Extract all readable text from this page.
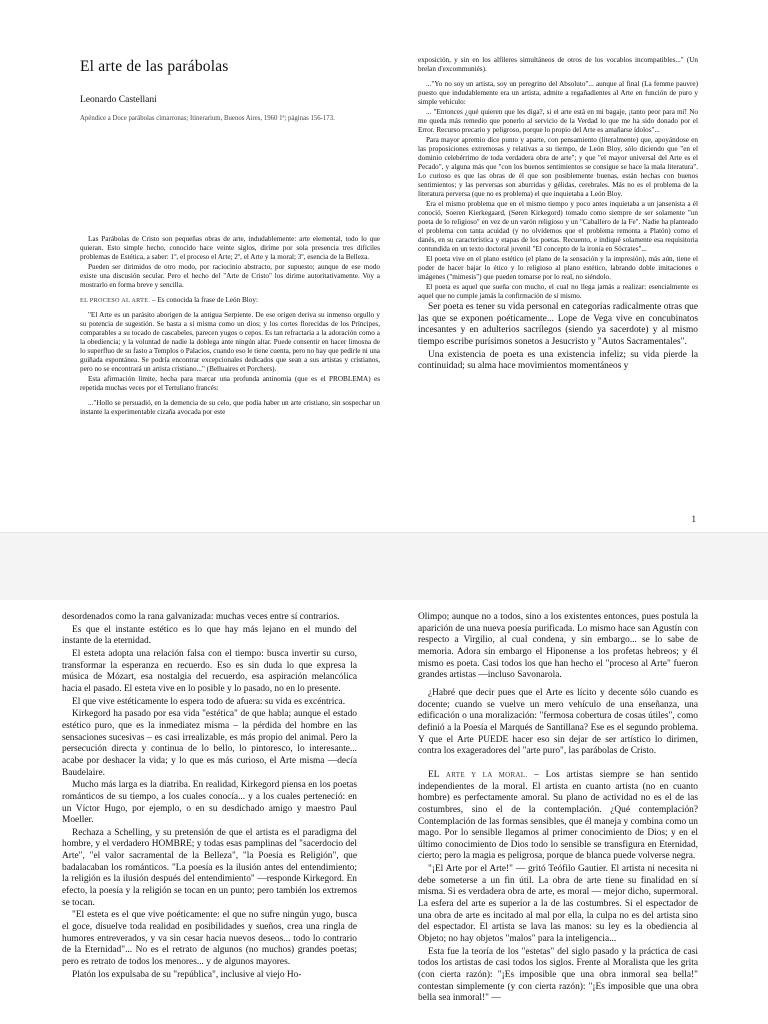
El arte de las parábolas
Leonardo Castellani
Apéndice a Doce parábolas cimarronas; Itinerarium, Buenos Aires, 1960 1ª; páginas 156-173.

Las Parábolas de Cristo son pequeñas obras de arte, indudablemente: arte elemental, todo lo que quieran. Esto simple hecho, conocido hace veinte siglos, dirime por sola presencia tres difíciles problemas de Estética, a saber: 1º, el proceso el Arte; 2º, el Arte y la moral; 3º, esencia de la Belleza.

Pueden ser dirimidos de otro modo, por raciocinio abstracto, por supuesto; aunque de ese modo existe una discusión secular. Pero el hecho del "Arte de Cristo" los dirime autoritativamente. Voy a mostrarlo en forma breve y sencilla.

EL PROCESO AL ARTE. – Es conocida la frase de León Bloy:

"El Arte es un parásito aborigen de la antigua Serpiente. De ese origen deriva su inmenso orgullo y su potencia de sugestión. Se basta a sí misma como un dios; y los cortes florecidas de los Príncipes, comparables a su tocado de cascabeles, parecen yugos o cepos. Es tan refractaria a la adoración como a la obediencia; y la voluntad de nadie la doblega ante ningún altar. Puede consentir en hacer limosna de lo superfluo de su fasto a Templos o Palacios, cuando eso le tiene cuenta, pero no hay que pedirle ni una guiñada espontánea. Se podría encontrar excepcionales dedicados que sean a sus artistas y cristianos, pero no se encontrará un artista cristiano..." (Belluaires et Porchers).

Esta afirmación límite, hecha para marcar una profunda antinomia (que es el PROBLEMA) es repetida muchas veces por el Tertuliano francés:

..."Hollo se persuadió, en la demencia de su celo, que podía haber un arte cristiano, sin sospechar un instante la experimentable cizaña avocada por este

exposición, y sin en los alfileres simultáneos de otros de los vocablos incompatibles..." (Un brelan d'excommuniés).

..."Yo no soy un artista, soy un peregrino del Absoluto"... aunque al final (La femme pauvre) puesto que indudablemente era un artista, admite a regañadientes al Arte en función de puro y simple vehículo:

... "Entonces ¿qué quieren que les diga?, si el arte está en mi bagaje, ¡tanto peor para mí! No me queda más remedio que ponerlo al servicio de la Verdad lo que me ha sido donado por el Error. Recurso precario y peligroso, porque lo propio del Arte es amañarse ídolos"...

Para mayor apremio dice punto y aparte, con pensamiento (literalmente) que, apoyándose en las proposiciones extremosas y relativas a su tiempo, de León Bloy, sólo diciendo que "en el dominio celebérrimo de toda verdadera obra de arte"; y que "el mayor universal del Arte es el Pecado", y alguna más que "con los buenos sentimientos se consigue se hace la mala literatura". Lo curioso es que las obras de él que son posiblemente buenas, están hechas con buenos sentimientos; y las perversas son aburridas y gélidas, cerebrales. Más no es el problema de la literatura perversa (que no es problema) el que inquietaba a León Bloy.

Era el mismo problema que en el mismo tiempo y poco antes inquietaba a un jansenista a él conoció, Soeren Kierkegaard, (Søren Kirkegord) tomado como siempre de ser solamente "un poeta de lo religioso" en vez de un varón religioso y un "Caballero de la Fe". Nadie ha planteado el problema con tanta acuidad (y no olvidemos que el problema remonta a Platón) como el danés, en su característica y etapas de los poetas. Recuento, e indiqué solamente esa requisitoria contundida en un texto doctoral juvenil "El concepto de la ironía en Sócrates"...

El poeta vive en el plano estético (el plano de la sensación y la impresión), más aún, tiene el poder de hacer bajar lo ético y lo religioso al plano estético, labrando doble imitaciones e imágenes ("mimesis") que pueden tomarse por lo real, no siéndolo.

El poeta es aquel que sueña con mucho, el cual no llega jamás a realizar: esencialmente es aquel que no cumple jamás la confirmación de sí mismo.

Ser poeta es tener su vida personal en categorías radicalmente otras que las que se exponen poéticamente... Lope de Vega vive en concubinatos incesantes y en adulterios sacrílegos (siendo ya sacerdote) y al mismo tiempo escribe purísimos sonetos a Jesucristo y "Autos Sacramentales".

Una existencia de poeta es una existencia infeliz; su vida pierde la continuidad; su alma hace movimientos momentáneos y

1

desordenados como la rana galvanizada: muchas veces entre sí contrarios.

Es que el instante estético es lo que hay más lejano en el mundo del instante de la eternidad.

El esteta adopta una relación falsa con el tiempo: busca invertir su curso, transformar la esperanza en recuerdo. Eso es sin duda lo que expresa la música de Mózart, esa nostalgia del recuerdo, esa aspiración melancólica hacia el pasado. El esteta vive en lo posible y lo pasado, no en lo presente.

El que vive estéticamente lo espera todo de afuera: su vida es excéntrica.

Kirkegord ha pasado por esa vida "estética" de que habla; aunque el estado estético puro, que es la inmediatez misma – la pérdida del hombre en las sensaciones sucesivas – es casi irrealizable, es más propio del animal. Pero la persecución directa y continua de lo bello, lo pintoresco, lo interesante... acabe por deshacer la vida; y lo que es más curioso, el Arte misma —decía Baudelaire.

Mucho más larga es la diatriba. En realidad, Kirkegord piensa en los poetas románticos de su tiempo, a los cuales conocía... y a los cuales perteneció: en un Víctor Hugo, por ejemplo, o en su desdichado amigo y maestro Paul Moeller.

Rechaza a Schelling, y su pretensión de que el artista es el paradigma del hombre, y el verdadero HOMBRE; y todas esas pamplinas del "sacerdocio del Arte", "el valor sacramental de la Belleza", "la Poesía es Religión", que badalacaban los románticos. "La poesía es la ilusión antes del entendimiento; la religión es la ilusión después del entendimiento" —responde Kirkegord. En efecto, la poesía y la religión se tocan en un punto; pero también los extremos se tocan.

"El esteta es el que vive poéticamente: el que no sufre ningún yugo, busca el goce, disuelve toda realidad en posibilidades y sueños, crea una ringla de humores entreverados, y va sin cesar hacia nuevos deseos... todo lo contrario de la Eternidad"... No es el retrato de algunos (no muchos) grandes poetas; pero es retrato de todos los menores... y de algunos mayores.

Platón los expulsaba de su "república", inclusive al viejo Ho-

Olimpo; aunque no a todos, sino a los existentes entonces, pues postula la aparición de una nueva poesía purificada. Lo mismo hace san Agustín con respecto a Virgilio, al cual condena, y sin embargo... se lo sabe de memoria. Adora sin embargo el Hiponense a los profetas hebreos; y él mismo es poeta. Casi todos los que han hecho el "proceso al Arte" fueron grandes artistas —incluso Savonarola.

¿Habré que decir pues que el Arte es lícito y decente sólo cuando es docente; cuando se vuelve un mero vehículo de una enseñanza, una edificación o una moralización: "fermosa cobertura de cosas útiles", como definió a la Poesía el Marqués de Santillana? Ese es el segundo problema. Y que el Arte PUEDE hacer eso sin dejar de ser artístico lo dirimen, contra los exageradores del "arte puro", las parábolas de Cristo.

EL ARTE Y LA MORAL. – Los artistas siempre se han sentido independientes de la moral. El artista en cuanto artista (no en cuanto hombre) es perfectamente amoral. Su plano de actividad no es el de las costumbres, sino el de la contemplación. ¿Qué contemplación? Contemplación de las formas sensibles, que él maneja y combina como un mago. Por lo sensible llegamos al primer conocimiento de Dios; y en el último conocimiento de Dios todo lo sensible se transfigura en Eternidad, cierto; pero la magia es peligrosa, porque de blanca puede volverse negra.

"¡El Arte por el Arte!" — gritó Teófilo Gautier. El artista ni necesita ni debe someterse a un fin útil. La obra de arte tiene su finalidad en sí misma. Si es verdadera obra de arte, es moral — mejor dicho, supermoral. La esfera del arte es superior a la de las costumbres. Si el espectador de una obra de arte es incitado al mal por ella, la culpa no es del artista sino del espectador. El artista se lava las manos: su ley es la obediencia al Objeto; no hay objetos "malos" para la inteligencia...

Esta fue la teoría de los "estetas" del siglo pasado y la práctica de casi todos los artistas de casi todos los siglos. Frente al Moralista que les grita (con cierta razón): "¡Es imposible que una obra inmoral sea bella!" contestan simplemente (y con cierta razón): "¡Es imposible que una obra bella sea inmoral!" —
